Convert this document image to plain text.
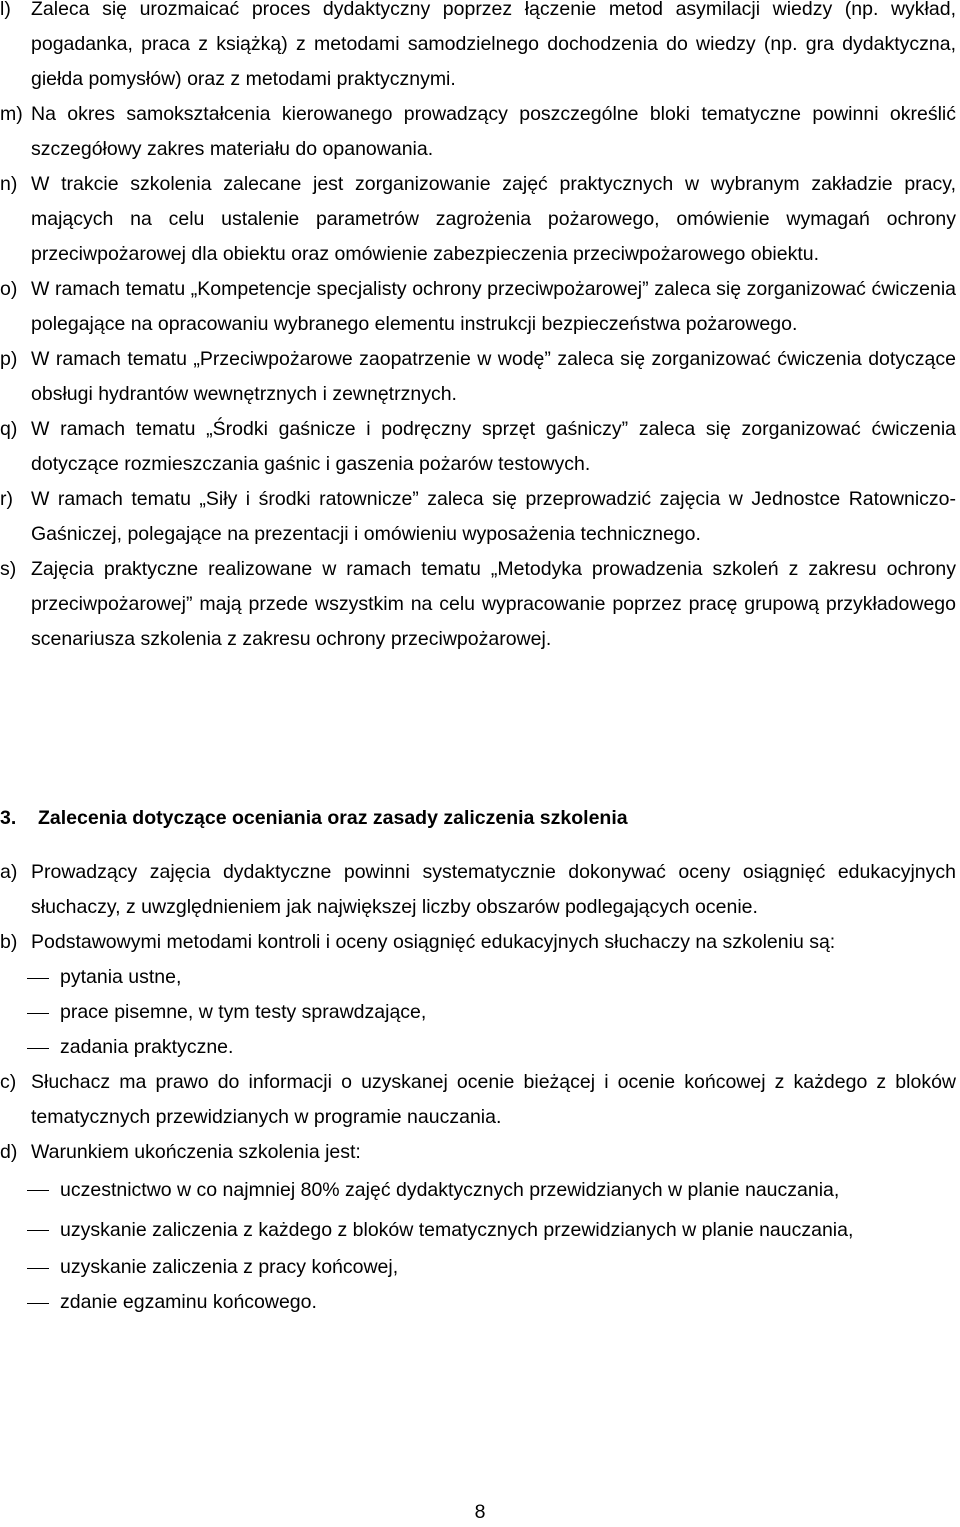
l) Zaleca się urozmaicać proces dydaktyczny poprzez łączenie metod asymilacji wiedzy (np. wykład, pogadanka, praca z książką) z metodami samodzielnego dochodzenia do wiedzy (np. gra dydaktyczna, giełda pomysłów) oraz z metodami praktycznymi.
m) Na okres samokształcenia kierowanego prowadzący poszczególne bloki tematyczne powinni określić szczegółowy zakres materiału do opanowania.
n) W trakcie szkolenia zalecane jest zorganizowanie zajęć praktycznych w wybranym zakładzie pracy, mających na celu ustalenie parametrów zagrożenia pożarowego, omówienie wymagań ochrony przeciwpożarowej dla obiektu oraz omówienie zabezpieczenia przeciwpożarowego obiektu.
o) W ramach tematu „Kompetencje specjalisty ochrony przeciwpożarowej” zaleca się zorganizować ćwiczenia polegające na opracowaniu wybranego elementu instrukcji bezpieczeństwa pożarowego.
p) W ramach tematu „Przeciwpożarowe zaopatrzenie w wodę” zaleca się zorganizować ćwiczenia dotyczące obsługi hydrantów wewnętrznych i zewnętrznych.
q) W ramach tematu „Środki gaśnicze i podręczny sprzęt gaśniczy” zaleca się zorganizować ćwiczenia dotyczące rozmieszczania gaśnic i gaszenia pożarów testowych.
r) W ramach tematu „Siły i środki ratownicze” zaleca się przeprowadzić zajęcia w Jednostce Ratowniczo-Gaśniczej, polegające na prezentacji i omówieniu wyposażenia technicznego.
s) Zajęcia praktyczne realizowane w ramach tematu „Metodyka prowadzenia szkoleń z zakresu ochrony przeciwpożarowej” mają przede wszystkim na celu wypracowanie poprzez pracę grupową przykładowego scenariusza szkolenia z zakresu ochrony przeciwpożarowej.
3. Zalecenia dotyczące oceniania oraz zasady zaliczenia szkolenia
a) Prowadzący zajęcia dydaktyczne powinni systematycznie dokonywać oceny osiągnięć edukacyjnych słuchaczy, z uwzględnieniem jak największej liczby obszarów podlegających ocenie.
b) Podstawowymi metodami kontroli i oceny osiągnięć edukacyjnych słuchaczy na szkoleniu są:
pytania ustne,
prace pisemne, w tym testy sprawdzające,
zadania praktyczne.
c) Słuchacz ma prawo do informacji o uzyskanej ocenie bieżącej i ocenie końcowej z każdego z bloków tematycznych przewidzianych w programie nauczania.
d) Warunkiem ukończenia szkolenia jest:
uczestnictwo w co najmniej 80% zajęć dydaktycznych przewidzianych w planie nauczania,
uzyskanie zaliczenia z każdego z bloków tematycznych przewidzianych w planie nauczania,
uzyskanie zaliczenia z pracy końcowej,
zdanie egzaminu końcowego.
8
